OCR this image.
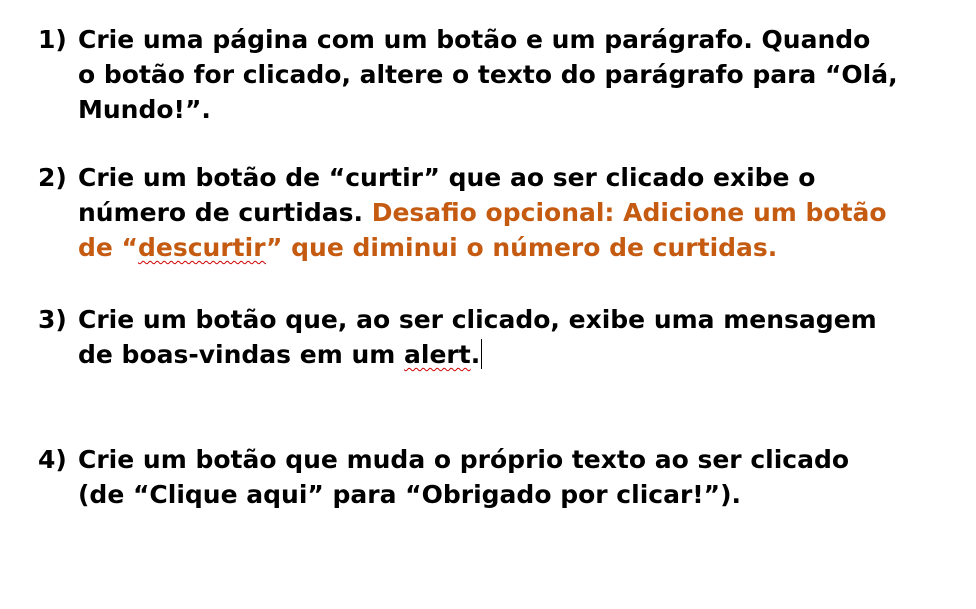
1) Crie uma página com um botão e um parágrafo. Quando
o botão for clicado, altere o texto do parágrafo para “Olá,
Mundo!”.
2) Crie um botão de “curtir” que ao ser clicado exibe o
número de curtidas. Desafio opcional: Adicione um botão
de “descurtir” que diminui o número de curtidas.
3) Crie um botão que, ao ser clicado, exibe uma mensagem
de boas-vindas em um alert.
4) Crie um botão que muda o próprio texto ao ser clicado
(de “Clique aqui” para “Obrigado por clicar!”).
